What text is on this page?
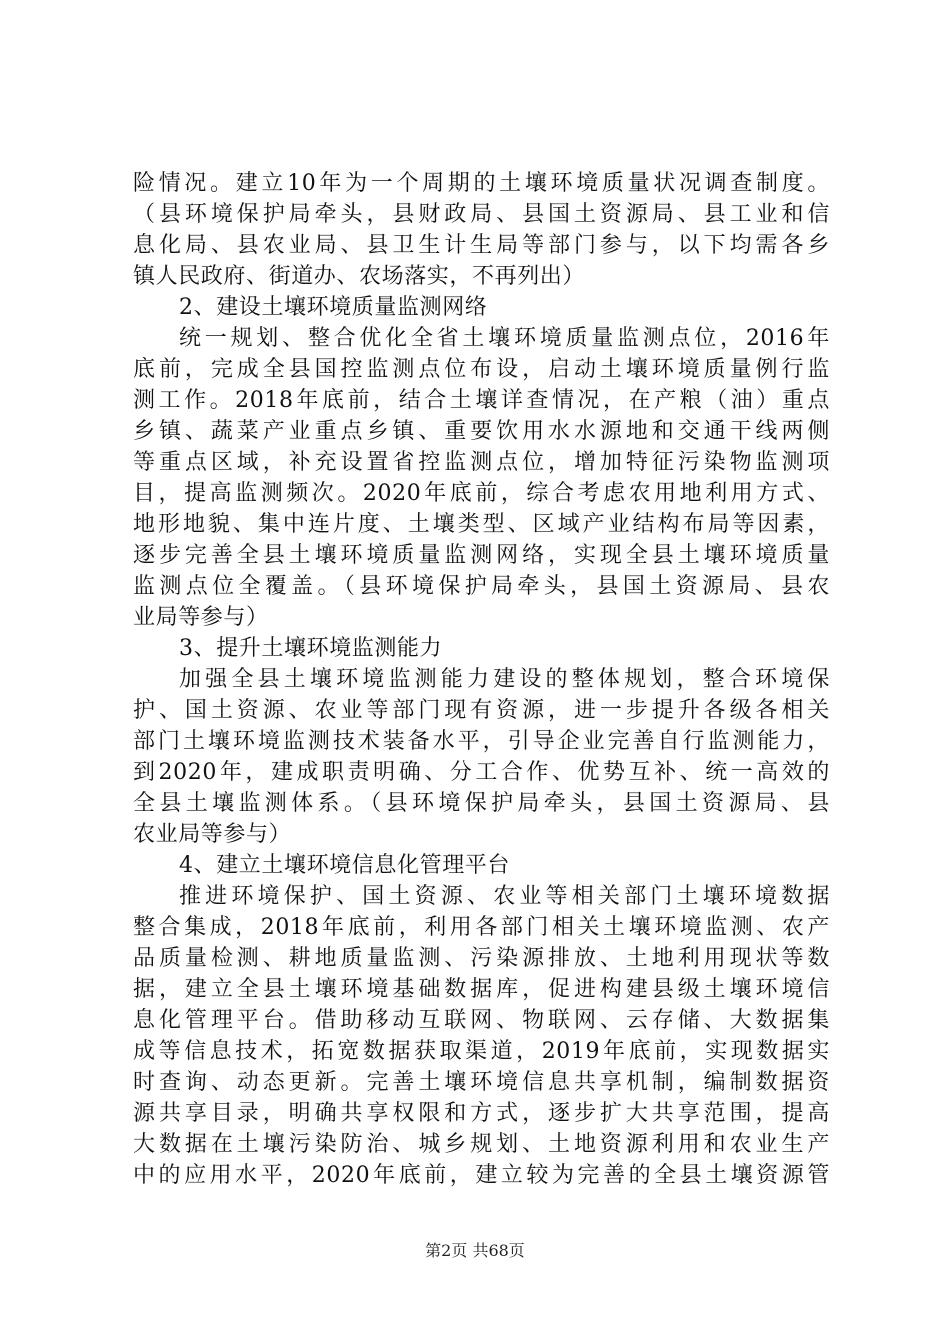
险情况。建立10年为一个周期的土壤环境质量状况调查制度。
（县环境保护局牵头，县财政局、县国土资源局、县工业和信
息化局、县农业局、县卫生计生局等部门参与，以下均需各乡
镇人民政府、街道办、农场落实，不再列出）
2、建设土壤环境质量监测网络
统一规划、整合优化全省土壤环境质量监测点位，2016年
底前，完成全县国控监测点位布设，启动土壤环境质量例行监
测工作。2018年底前，结合土壤详查情况，在产粮（油）重点
乡镇、蔬菜产业重点乡镇、重要饮用水水源地和交通干线两侧
等重点区域，补充设置省控监测点位，增加特征污染物监测项
目，提高监测频次。2020年底前，综合考虑农用地利用方式、
地形地貌、集中连片度、土壤类型、区域产业结构布局等因素，
逐步完善全县土壤环境质量监测网络，实现全县土壤环境质量
监测点位全覆盖。（县环境保护局牵头，县国土资源局、县农
业局等参与）
3、提升土壤环境监测能力
加强全县土壤环境监测能力建设的整体规划，整合环境保
护、国土资源、农业等部门现有资源，进一步提升各级各相关
部门土壤环境监测技术装备水平，引导企业完善自行监测能力，
到2020年，建成职责明确、分工合作、优势互补、统一高效的
全县土壤监测体系。（县环境保护局牵头，县国土资源局、县
农业局等参与）
4、建立土壤环境信息化管理平台
推进环境保护、国土资源、农业等相关部门土壤环境数据
整合集成，2018年底前，利用各部门相关土壤环境监测、农产
品质量检测、耕地质量监测、污染源排放、土地利用现状等数
据，建立全县土壤环境基础数据库，促进构建县级土壤环境信
息化管理平台。借助移动互联网、物联网、云存储、大数据集
成等信息技术，拓宽数据获取渠道，2019年底前，实现数据实
时查询、动态更新。完善土壤环境信息共享机制，编制数据资
源共享目录，明确共享权限和方式，逐步扩大共享范围，提高
大数据在土壤污染防治、城乡规划、土地资源利用和农业生产
中的应用水平，2020年底前，建立较为完善的全县土壤资源管
第2页 共68页
